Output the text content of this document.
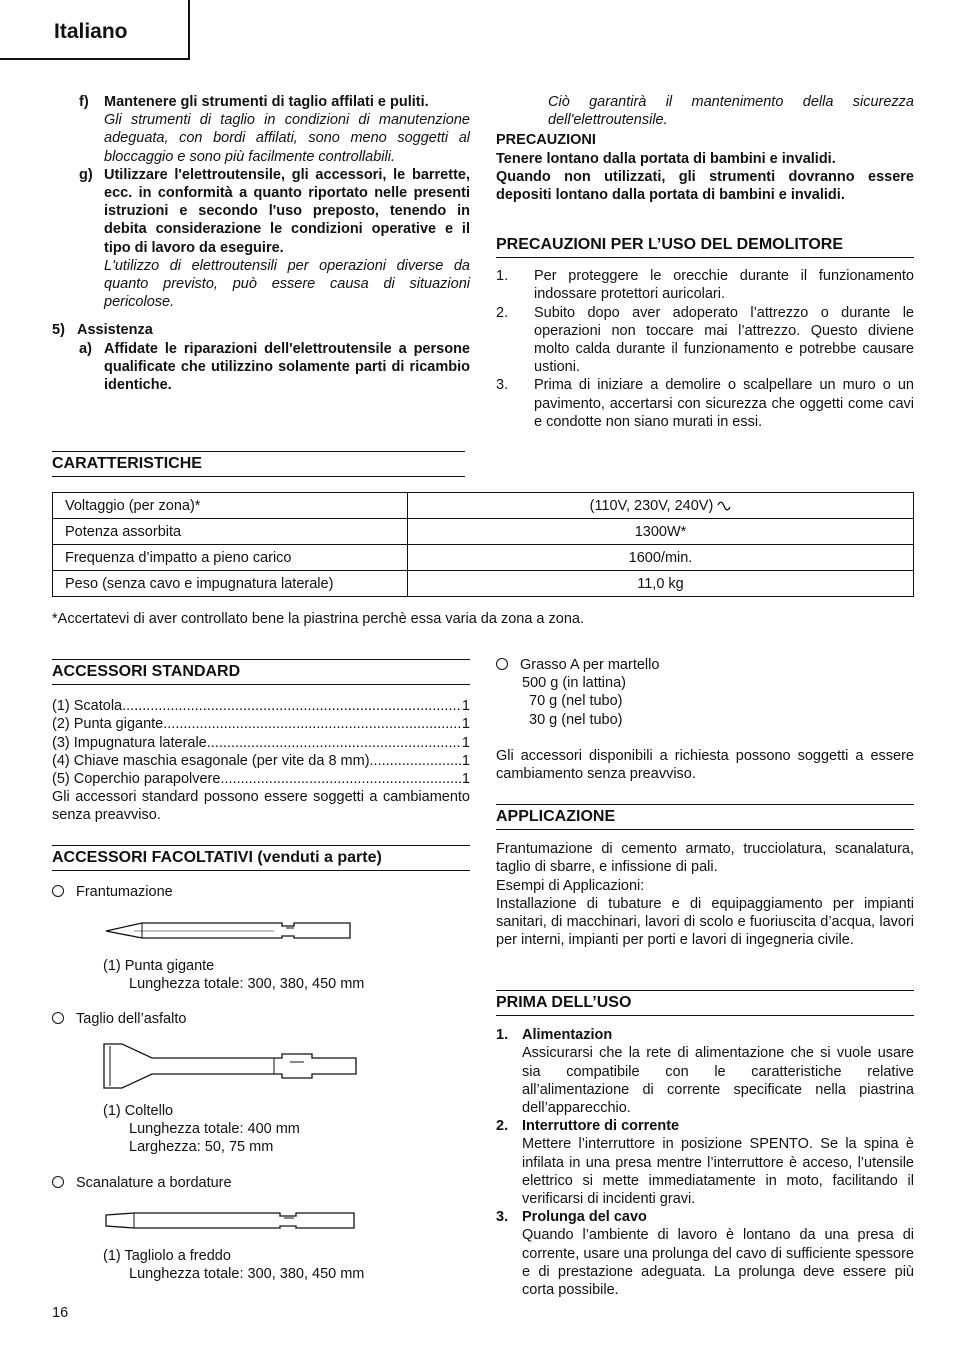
Italiano
f) Mantenere gli strumenti di taglio affilati e puliti.
Gli strumenti di taglio in condizioni di manutenzione adeguata, con bordi affilati, sono meno soggetti al bloccaggio e sono più facilmente controllabili.
g) Utilizzare l'elettroutensile, gli accessori, le barrette, ecc. in conformità a quanto riportato nelle presenti istruzioni e secondo l'uso preposto, tenendo in debita considerazione le condizioni operative e il tipo di lavoro da eseguire.
L'utilizzo di elettroutensili per operazioni diverse da quanto previsto, può essere causa di situazioni pericolose.
5) Assistenza
a) Affidate le riparazioni dell'elettroutensile a persone qualificate che utilizzino solamente parti di ricambio identiche.
Ciò garantirà il mantenimento della sicurezza dell'elettroutensile.
PRECAUZIONI
Tenere lontano dalla portata di bambini e invalidi.
Quando non utilizzati, gli strumenti dovranno essere depositi lontano dalla portata di bambini e invalidi.
PRECAUZIONI PER L’USO DEL DEMOLITORE
1. Per proteggere le orecchie durante il funzionamento indossare protettori auricolari.
2. Subito dopo aver adoperato l’attrezzo o durante le operazioni non toccare mai l’attrezzo. Questo diviene molto calda durante il funzionamento e potrebbe causare ustioni.
3. Prima di iniziare a demolire o scalpellare un muro o un pavimento, accertarsi con sicurezza che oggetti come cavi e condotte non siano murati in essi.
CARATTERISTICHE
Voltaggio (per zona)*	(110V, 230V, 240V)
Potenza assorbita	1300W*
Frequenza d’impatto a pieno carico	1600/min.
Peso (senza cavo e impugnatura laterale)	11,0 kg
*Accertatevi di aver controllato bene la piastrina perchè essa varia da zona a zona.
ACCESSORI STANDARD
(1) Scatola .....	1
(2) Punta gigante .....	1
(3) Impugnatura laterale .....	1
(4) Chiave maschia esagonale (per vite da 8 mm) .....	1
(5) Coperchio parapolvere .....	1
Gli accessori standard possono essere soggetti a cambiamento senza preavviso.
ACCESSORI FACOLTATIVI (venduti a parte)
Frantumazione
(1) Punta gigante
Lunghezza totale: 300, 380, 450 mm
Taglio dell’asfalto
(1) Coltello
Lunghezza totale: 400 mm
Larghezza: 50, 75 mm
Scanalature a bordature
(1) Tagliolo a freddo
Lunghezza totale: 300, 380, 450 mm
Grasso A per martello
500 g (in lattina)
70 g (nel tubo)
30 g (nel tubo)
Gli accessori disponibili a richiesta possono soggetti a essere cambiamento senza preavviso.
APPLICAZIONE
Frantumazione di cemento armato, trucciolatura, scanalatura, taglio di sbarre, e infissione di pali.
Esempi di Applicazioni:
Installazione di tubature e di equipaggiamento per impianti sanitari, di macchinari, lavori di scolo e fuoriuscita d’acqua, lavori per interni, impianti per porti e lavori di ingegneria civile.
PRIMA DELL’USO
1. Alimentazion
Assicurarsi che la rete di alimentazione che si vuole usare sia compatibile con le caratteristiche relative all’alimentazione di corrente specificate nella piastrina dell’apparecchio.
2. Interruttore di corrente
Mettere l’interruttore in posizione SPENTO. Se la spina è infilata in una presa mentre l’interruttore è acceso, l’utensile elettrico si mette immediatamente in moto, facilitando il verificarsi di incidenti gravi.
3. Prolunga del cavo
Quando l’ambiente di lavoro è lontano da una presa di corrente, usare una prolunga del cavo di sufficiente spessore e di prestazione adeguata. La prolunga deve essere più corta possibile.
16
